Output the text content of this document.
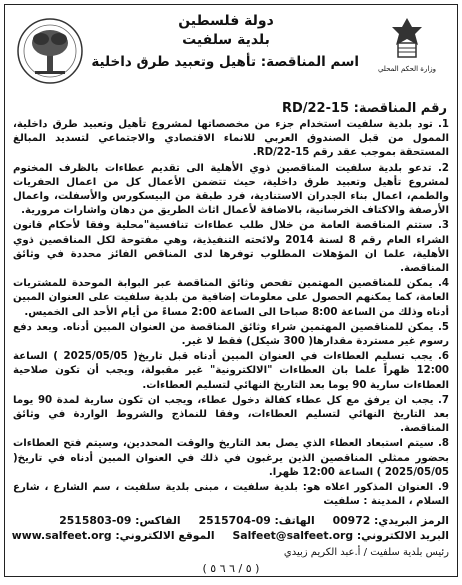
دولة فلسطين
بلدية سلفيت
اسم المناقصة: تأهيل وتعبيد طرق داخلية	وزارة الحكم المحلي
رقم المناقصة: 15-22/RD

1. تود بلدية سلفيت استخدام جزء من مخصصاتها لمشروع تأهيل وتعبيد طرق داخلية، الممول من قبل الصندوق العربي للانماء الاقتصادي والاجتماعي لتسديد المبالغ المستحقة بموجب عقد رقم 15-22/RD.

2. تدعو بلدية سلفيت المناقصين ذوي الأهلية الى تقديم عطاءات بالظرف المختوم لمشروع تأهيل وتعبيد طرق داخلية، حيث تتضمن الأعمال كل من اعمال الحفريات والطمم، اعمال بناء الجدران الاستنادية، فرد طبقة من البيسكورس والأسفلت، واعمال الأرصفة والاكتاف الخرسانية، بالاضافة لأعمال اثاث الطريق من دهان واشارات مرورية.

3. ستتم المناقصة العامة من خلال طلب عطاءات تنافسية"محلية وفقا لأحكام قانون الشراء العام رقم 8 لسنة 2014 ولائحته التنفيذية، وهي مفتوحة لكل المناقصين ذوي الأهلية، علما ان المؤهلات المطلوب توفرها لدى المناقص الفائز محددة في وثائق المناقصة.

4. يمكن للمناقصين المهتمين تفحص وثائق المناقصة عبر البوابة الموحدة للمشتريات العامة، كما يمكنهم الحصول على معلومات إضافية من بلدية سلفيت على العنوان المبين أدناه وذلك من الساعة 8:00 صباحا الى الساعة 2:00 مساءً من أيام الأحد الى الخميس.

5. يمكن للمناقصين المهتمين شراء وثائق المناقصة من العنوان المبين أدناه. ويعد دفع رسوم غير مستردة مقدارها( 300 شيكل) فقط لا غير.

6. يجب تسليم العطاءات في العنوان المبين أدناه قبل تاريخ( 2025/05/05 ) الساعة 12:00 ظهراً علما بان العطاءات "الالكترونية" غير مقبولة، ويجب أن تكون صلاحية العطاءات سارية 90 يوما بعد التاريخ النهائي لتسليم العطاءات.

7. يجب ان يرفق مع كل عطاء كفالة دخول عطاء، ويجب ان تكون سارية لمدة 90 يوما بعد التاريخ النهائي لتسليم العطاءات، وفقا للنماذج والشروط الواردة في وثائق المناقصة.

8. سيتم استبعاد العطاء الذي يصل بعد التاريخ والوقت المحددين، وسيتم فتح العطاءات بحضور ممثلي المناقصين الذين يرغبون في ذلك في العنوان المبين أدناه في تاريخ( 2025/05/05 ) الساعة 12:00 ظهرا.

9. العنوان المذكور اعلاه هو: بلدية سلفيت ، مبنى بلدية سلفيت ، سم الشارع ، شارع السلام ، المدينة : سلفيت

الرمز البريدي: 00972
الهاتف: 09-2515704
الفاكس: 09-2515803
البريد الالكتروني: Salfeet@salfeet.org
الموقع الالكتروني: www.salfeet.org
رئيس بلدية سلفيت / أ.عبد الكريم زبيدي
( ٥ / ٦ ٦ ٥ )
